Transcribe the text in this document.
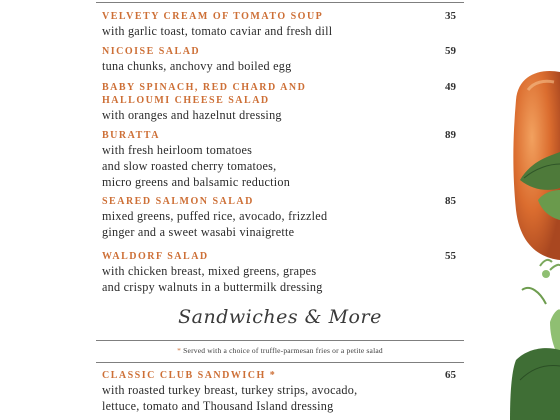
VELVETY CREAM OF TOMATO SOUP
with garlic toast, tomato caviar and fresh dill
35
NICOISE SALAD
tuna chunks, anchovy and boiled egg
59
BABY SPINACH, RED CHARD AND
HALLOUMI CHEESE SALAD
with oranges and hazelnut dressing
49
BURATTA
with fresh heirloom tomatoes
and slow roasted cherry tomatoes,
micro greens and balsamic reduction
89
SEARED SALMON SALAD
mixed greens, puffed rice, avocado, frizzled
ginger and a sweet wasabi vinaigrette
85
WALDORF SALAD
with chicken breast, mixed greens, grapes
and crispy walnuts in a buttermilk dressing
55
Sandwiches & More
* Served with a choice of truffle-parmesan fries or a petite salad
CLASSIC CLUB SANDWICH *
with roasted turkey breast, turkey strips, avocado,
lettuce, tomato and Thousand Island dressing
65
